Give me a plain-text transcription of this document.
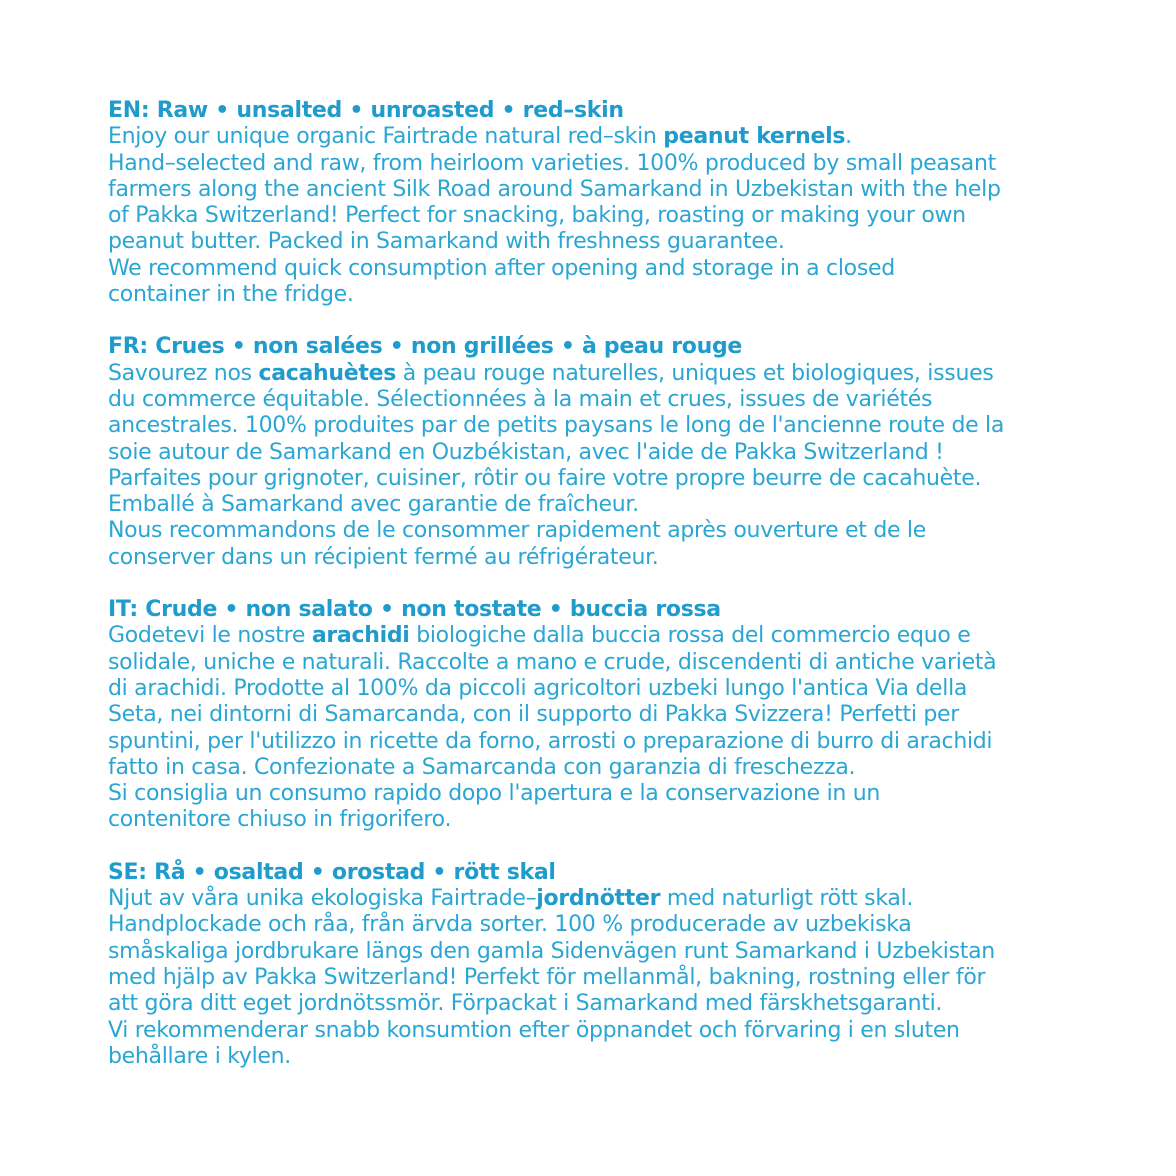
EN: Raw • unsalted • unroasted • red–skin
Enjoy our unique organic Fairtrade natural red–skin peanut kernels.
Hand–selected and raw, from heirloom varieties. 100% produced by small peasant
farmers along the ancient Silk Road around Samarkand in Uzbekistan with the help
of Pakka Switzerland! Perfect for snacking, baking, roasting or making your own
peanut butter. Packed in Samarkand with freshness guarantee.
We recommend quick consumption after opening and storage in a closed
container in the fridge.
FR: Crues • non salées • non grillées • à peau rouge
Savourez nos cacahuètes à peau rouge naturelles, uniques et biologiques, issues
du commerce équitable. Sélectionnées à la main et crues, issues de variétés
ancestrales. 100% produites par de petits paysans le long de l'ancienne route de la
soie autour de Samarkand en Ouzbékistan, avec l'aide de Pakka Switzerland !
Parfaites pour grignoter, cuisiner, rôtir ou faire votre propre beurre de cacahuète.
Emballé à Samarkand avec garantie de fraîcheur.
Nous recommandons de le consommer rapidement après ouverture et de le
conserver dans un récipient fermé au réfrigérateur.
IT: Crude • non salato • non tostate • buccia rossa
Godetevi le nostre arachidi biologiche dalla buccia rossa del commercio equo e
solidale, uniche e naturali. Raccolte a mano e crude, discendenti di antiche varietà
di arachidi. Prodotte al 100% da piccoli agricoltori uzbeki lungo l'antica Via della
Seta, nei dintorni di Samarcanda, con il supporto di Pakka Svizzera! Perfetti per
spuntini, per l'utilizzo in ricette da forno, arrosti o preparazione di burro di arachidi
fatto in casa. Confezionate a Samarcanda con garanzia di freschezza.
Si consiglia un consumo rapido dopo l'apertura e la conservazione in un
contenitore chiuso in frigorifero.
SE: Rå • osaltad • orostad • rött skal
Njut av våra unika ekologiska Fairtrade–jordnötter med naturligt rött skal.
Handplockade och råa, från ärvda sorter. 100 % producerade av uzbekiska
småskaliga jordbrukare längs den gamla Sidenvägen runt Samarkand i Uzbekistan
med hjälp av Pakka Switzerland! Perfekt för mellanmål, bakning, rostning eller för
att göra ditt eget jordnötssmör. Förpackat i Samarkand med färskhetsgaranti.
Vi rekommenderar snabb konsumtion efter öppnandet och förvaring i en sluten
behållare i kylen.
